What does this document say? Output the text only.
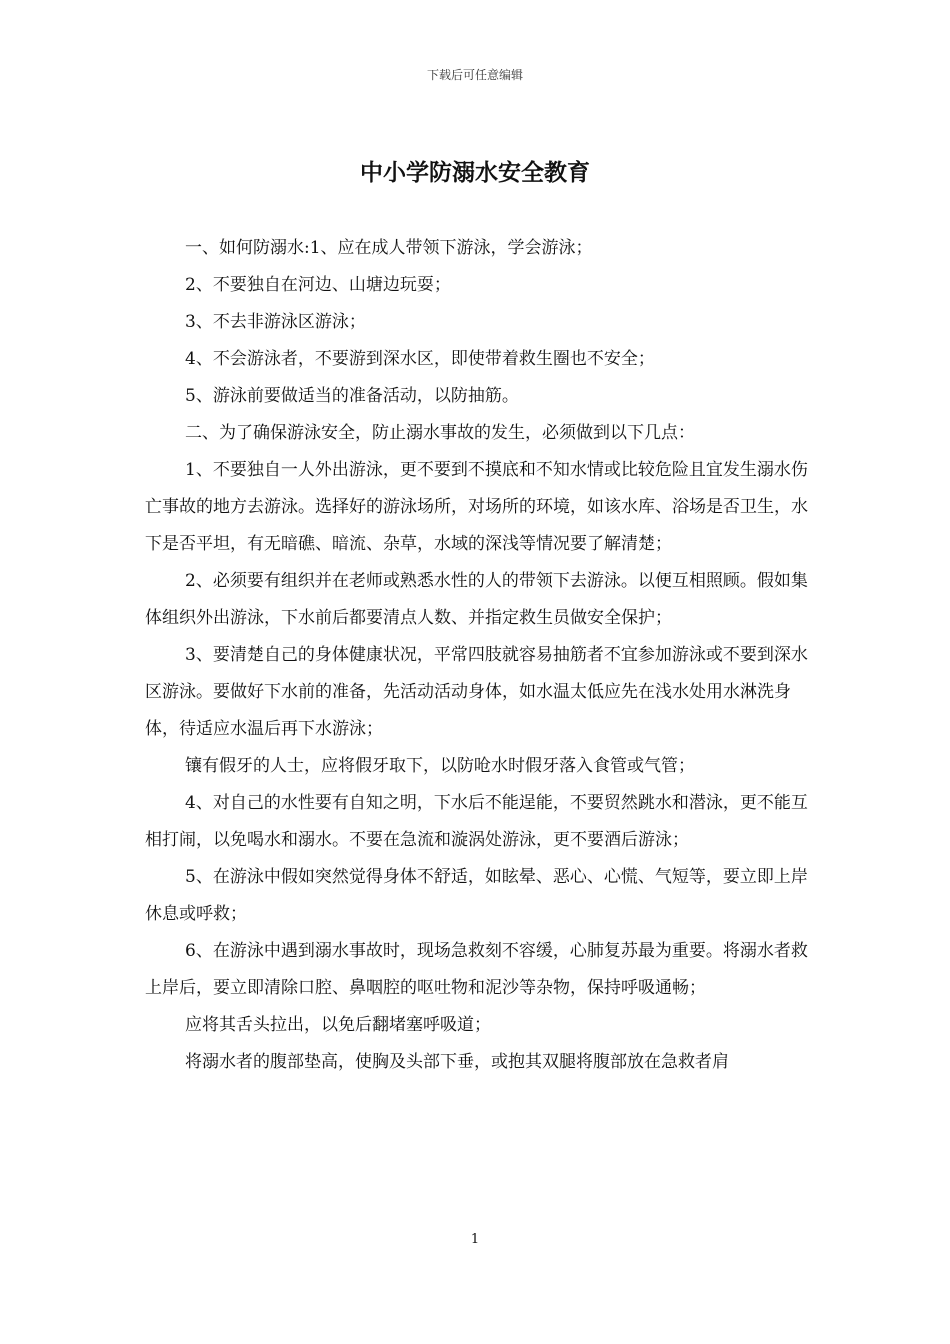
下载后可任意编辑
中小学防溺水安全教育

一、如何防溺水:1、应在成人带领下游泳，学会游泳；

2、不要独自在河边、山塘边玩耍；

3、不去非游泳区游泳；

4、不会游泳者，不要游到深水区，即使带着救生圈也不安全；

5、游泳前要做适当的准备活动，以防抽筋。

二、为了确保游泳安全，防止溺水事故的发生，必须做到以下几点：

1、不要独自一人外出游泳，更不要到不摸底和不知水情或比较危险且宜发生溺水伤亡事故的地方去游泳。选择好的游泳场所，对场所的环境，如该水库、浴场是否卫生，水下是否平坦，有无暗礁、暗流、杂草，水域的深浅等情况要了解清楚；

2、必须要有组织并在老师或熟悉水性的人的带领下去游泳。以便互相照顾。假如集体组织外出游泳，下水前后都要清点人数、并指定救生员做安全保护；

3、要清楚自己的身体健康状况，平常四肢就容易抽筋者不宜参加游泳或不要到深水区游泳。要做好下水前的准备，先活动活动身体，如水温太低应先在浅水处用水淋洗身体，待适应水温后再下水游泳；

镶有假牙的人士，应将假牙取下，以防呛水时假牙落入食管或气管；

4、对自己的水性要有自知之明，下水后不能逞能，不要贸然跳水和潜泳，更不能互相打闹，以免喝水和溺水。不要在急流和漩涡处游泳，更不要酒后游泳；

5、在游泳中假如突然觉得身体不舒适，如眩晕、恶心、心慌、气短等，要立即上岸休息或呼救；

6、在游泳中遇到溺水事故时，现场急救刻不容缓，心肺复苏最为重要。将溺水者救上岸后，要立即清除口腔、鼻咽腔的呕吐物和泥沙等杂物，保持呼吸通畅；

应将其舌头拉出，以免后翻堵塞呼吸道；

将溺水者的腹部垫高，使胸及头部下垂，或抱其双腿将腹部放在急救者肩

1
